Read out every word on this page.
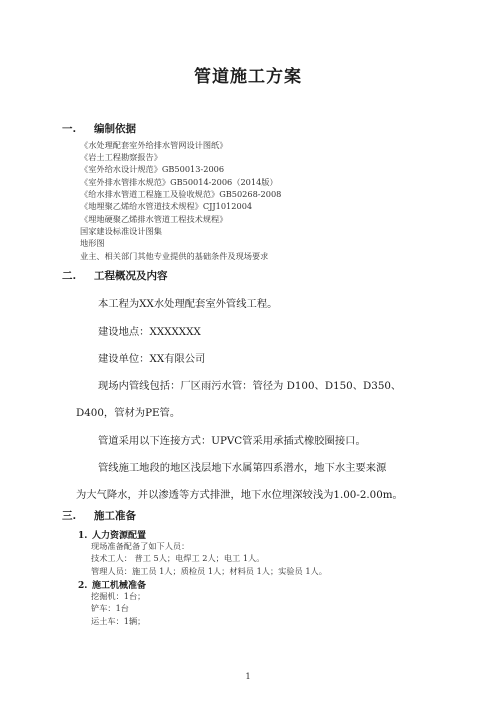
管道施工方案
一. 编制依据
《水处理配套室外给排水管网设计图纸》
《岩土工程勘察报告》
《室外给水设计规范》GB50013-2006
《室外排水管排水规范》GB50014-2006（2014版）
《给水排水管道工程施工及验收规范》GB50268-2008
《地埋聚乙烯给水管道技术规程》CJJ1012004
《埋地硬聚乙烯排水管道工程技术规程》
国家建设标准设计图集
地形图
业主、相关部门其他专业提供的基础条件及现场要求
二. 工程概况及内容
本工程为XX水处理配套室外管线工程。
建设地点：XXXXXXX
建设单位：XX有限公司
现场内管线包括：厂区雨污水管：管径为 D100、D150、D350、
D400，管材为PE管。
管道采用以下连接方式：UPVC管采用承插式橡胶圈接口。
管线施工地段的地区浅层地下水属第四系潜水，地下水主要来源
为大气降水，并以渗透等方式排泄，地下水位埋深较浅为1.00-2.00m。
三. 施工准备
1. 人力资源配置
现场准备配备了如下人员：
技术工人： 普工 5人；电焊工 2人；电工 1人。
管理人员：施工员 1人；质检员 1人；材料员 1人；实验员 1人。
2. 施工机械准备
挖掘机：1台；
铲车：1台
运土车：1辆；
1
